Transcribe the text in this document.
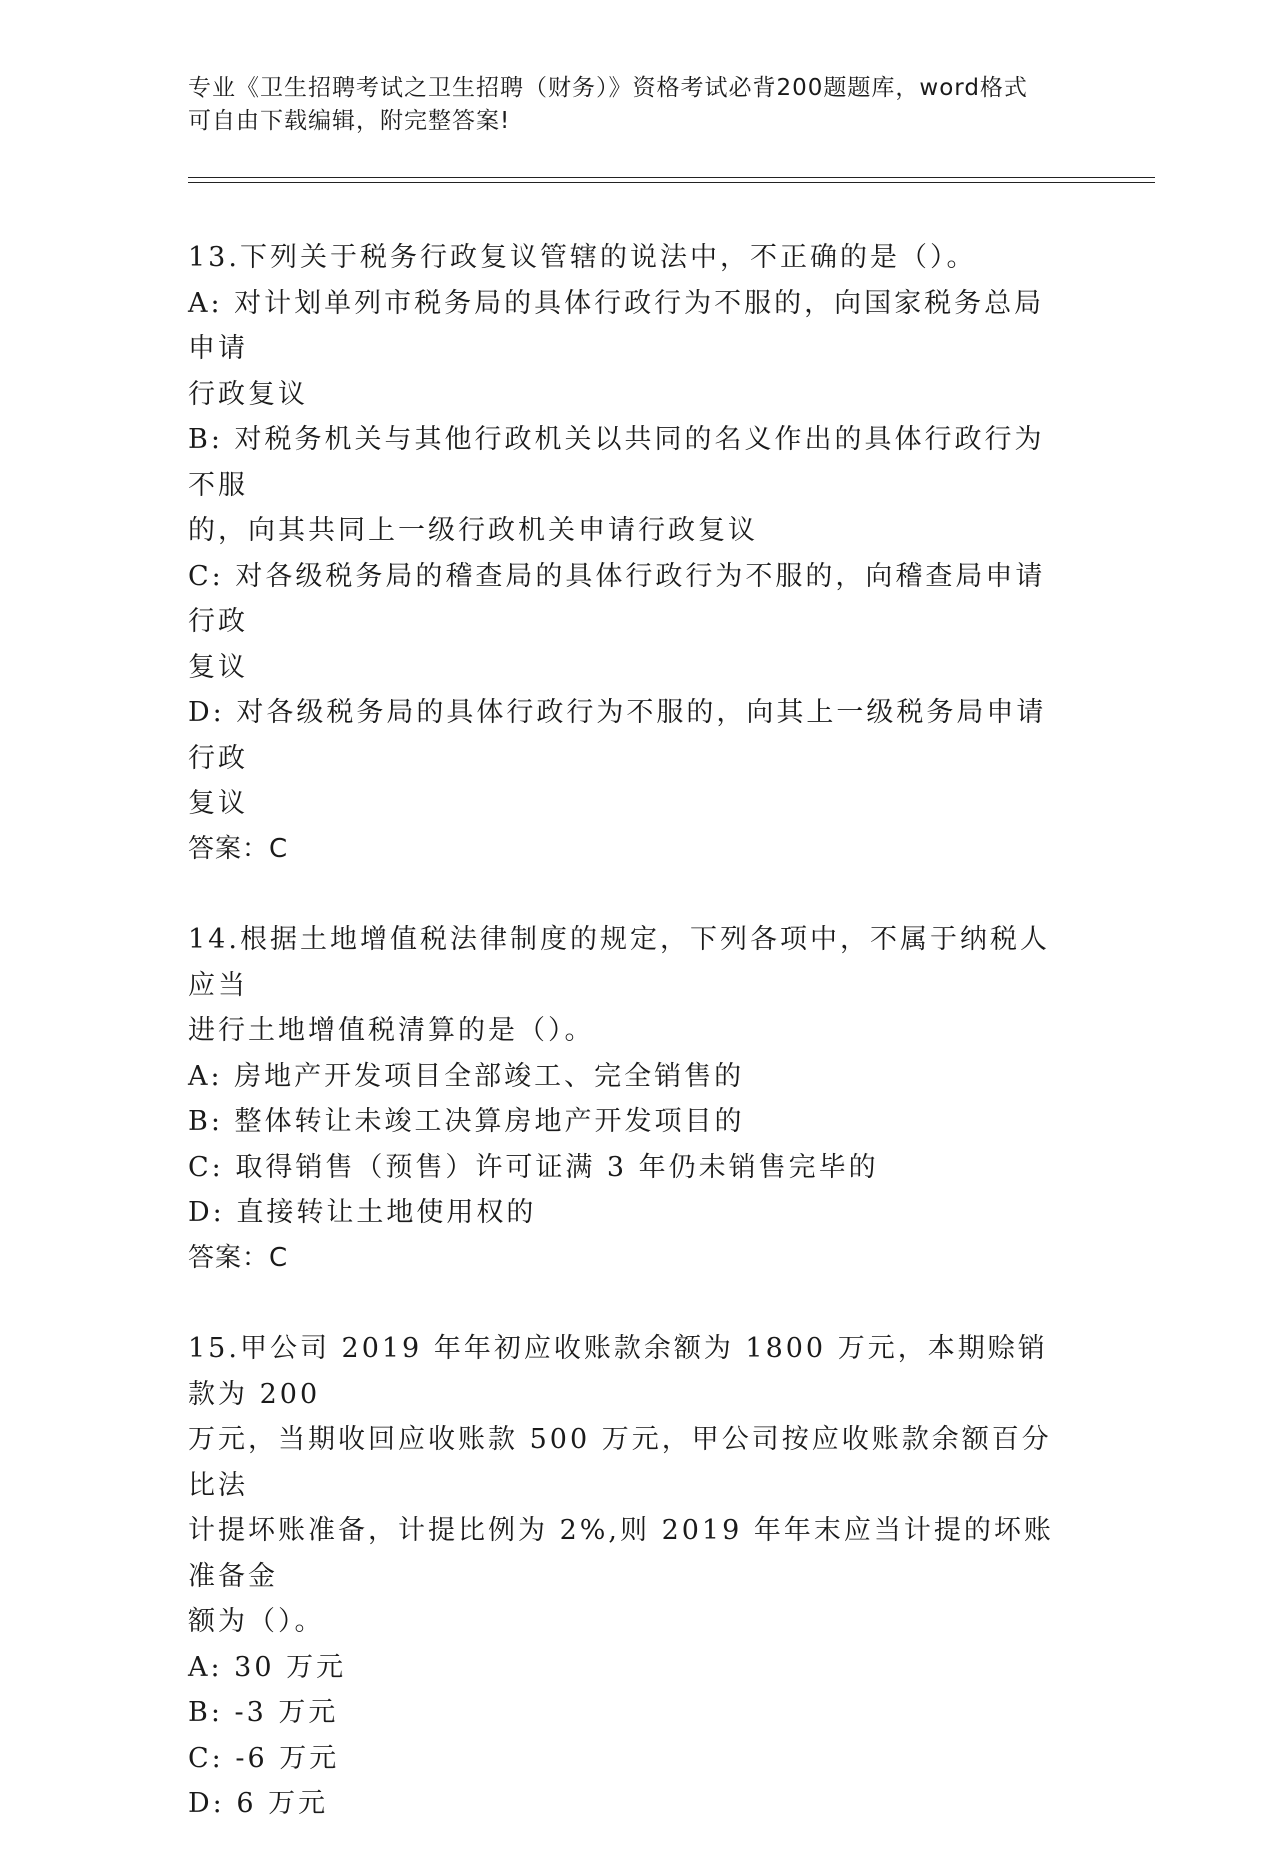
专业《卫生招聘考试之卫生招聘（财务）》资格考试必背200题题库，word格式
可自由下载编辑，附完整答案!
13.下列关于税务行政复议管辖的说法中，不正确的是（）。
A: 对计划单列市税务局的具体行政行为不服的，向国家税务总局申请
行政复议
B: 对税务机关与其他行政机关以共同的名义作出的具体行政行为不服
的，向其共同上一级行政机关申请行政复议
C: 对各级税务局的稽查局的具体行政行为不服的，向稽查局申请行政
复议
D: 对各级税务局的具体行政行为不服的，向其上一级税务局申请行政
复议
答案：C
14.根据土地增值税法律制度的规定，下列各项中，不属于纳税人应当
进行土地增值税清算的是（）。
A: 房地产开发项目全部竣工、完全销售的
B: 整体转让未竣工决算房地产开发项目的
C: 取得销售（预售）许可证满 3 年仍未销售完毕的
D: 直接转让土地使用权的
答案：C
15.甲公司 2019 年年初应收账款余额为 1800 万元，本期赊销款为 200
万元，当期收回应收账款 500 万元，甲公司按应收账款余额百分比法
计提坏账准备，计提比例为 2%,则 2019 年年末应当计提的坏账准备金
额为（）。
A: 30 万元
B: -3 万元
C: -6 万元
D: 6 万元
